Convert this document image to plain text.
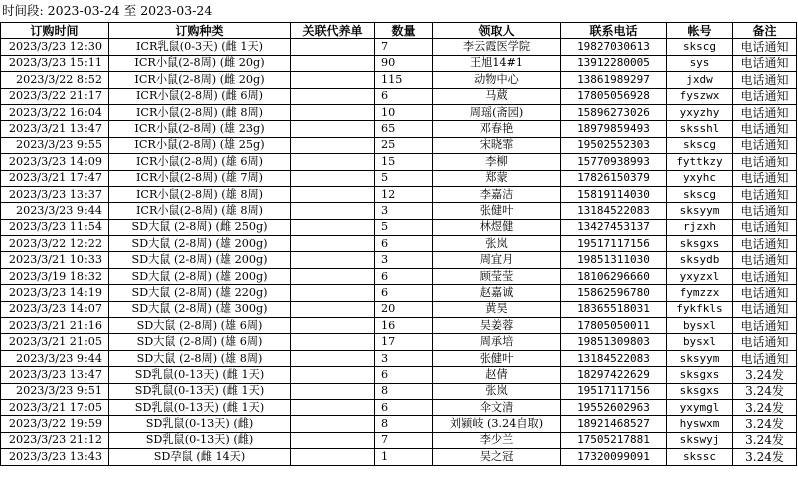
时间段: 2023-03-24 至 2023-03-24
订购时间	订购种类	关联代养单	数量	领取人	联系电话	帐号	备注
2023/3/23 12:30	ICR乳鼠(0-3天) (雌 1天)		7	李云霞医学院	19827030613	skscg	电话通知
2023/3/23 15:11	ICR小鼠(2-8周) (雌 20g)		90	王旭14#1	13912280005	sys	电话通知
2023/3/22 8:52	ICR小鼠(2-8周) (雌 20g)		115	动物中心	13861989297	jxdw	电话通知
2023/3/22 21:17	ICR小鼠(2-8周) (雌 6周)		6	马葳	17805056928	fyszwx	电话通知
2023/3/22 16:04	ICR小鼠(2-8周) (雌 8周)		10	周瑶(斋园)	15896273026	yxyzhy	电话通知
2023/3/21 13:47	ICR小鼠(2-8周) (雄 23g)		65	邓春艳	18979859493	sksshl	电话通知
2023/3/23 9:55	ICR小鼠(2-8周) (雄 25g)		25	宋晓霏	19502552303	skscg	电话通知
2023/3/23 14:09	ICR小鼠(2-8周) (雄 6周)		15	李柳	15770938993	fyttkzy	电话通知
2023/3/21 17:47	ICR小鼠(2-8周) (雄 7周)		5	郑蒙	17826150379	yxyhc	电话通知
2023/3/23 13:37	ICR小鼠(2-8周) (雄 8周)		12	李嘉洁	15819114030	skscg	电话通知
2023/3/23 9:44	ICR小鼠(2-8周) (雄 8周)		3	张健叶	13184522083	sksyym	电话通知
2023/3/23 11:54	SD大鼠 (2-8周) (雌 250g)		5	林煜健	13427453137	rjzxh	电话通知
2023/3/22 12:22	SD大鼠 (2-8周) (雄 200g)		6	张岚	19517117156	sksgxs	电话通知
2023/3/21 10:33	SD大鼠 (2-8周) (雄 200g)		3	周宜月	19851311030	sksydb	电话通知
2023/3/19 18:32	SD大鼠 (2-8周) (雄 200g)		6	顾莹莹	18106296660	yxyzxl	电话通知
2023/3/23 14:19	SD大鼠 (2-8周) (雄 220g)		6	赵嘉诚	15862596780	fymzzx	电话通知
2023/3/23 14:07	SD大鼠 (2-8周) (雄 300g)		20	黄昊	18365518031	fykfkls	电话通知
2023/3/21 21:16	SD大鼠 (2-8周) (雄 6周)		16	吴姜蓉	17805050011	bysxl	电话通知
2023/3/21 21:05	SD大鼠 (2-8周) (雄 6周)		17	周承培	19851309803	bysxl	电话通知
2023/3/23 9:44	SD大鼠 (2-8周) (雄 8周)		3	张健叶	13184522083	sksyym	电话通知
2023/3/23 13:47	SD乳鼠(0-13天) (雌 1天)		6	赵倩	18297422629	sksgxs	3.24发
2023/3/23 9:51	SD乳鼠(0-13天) (雌 1天)		8	张岚	19517117156	sksgxs	3.24发
2023/3/21 17:05	SD乳鼠(0-13天) (雌 1天)		6	伞文清	19552602963	yxymgl	3.24发
2023/3/22 19:59	SD乳鼠(0-13天) (雌)		8	刘颍岐 (3.24自取)	18921468527	hyswxm	3.24发
2023/3/23 21:12	SD乳鼠(0-13天) (雌)		7	李少兰	17505217881	skswyj	3.24发
2023/3/23 13:43	SD孕鼠 (雌 14天)		1	吴之冠	17320099091	skssc	3.24发
